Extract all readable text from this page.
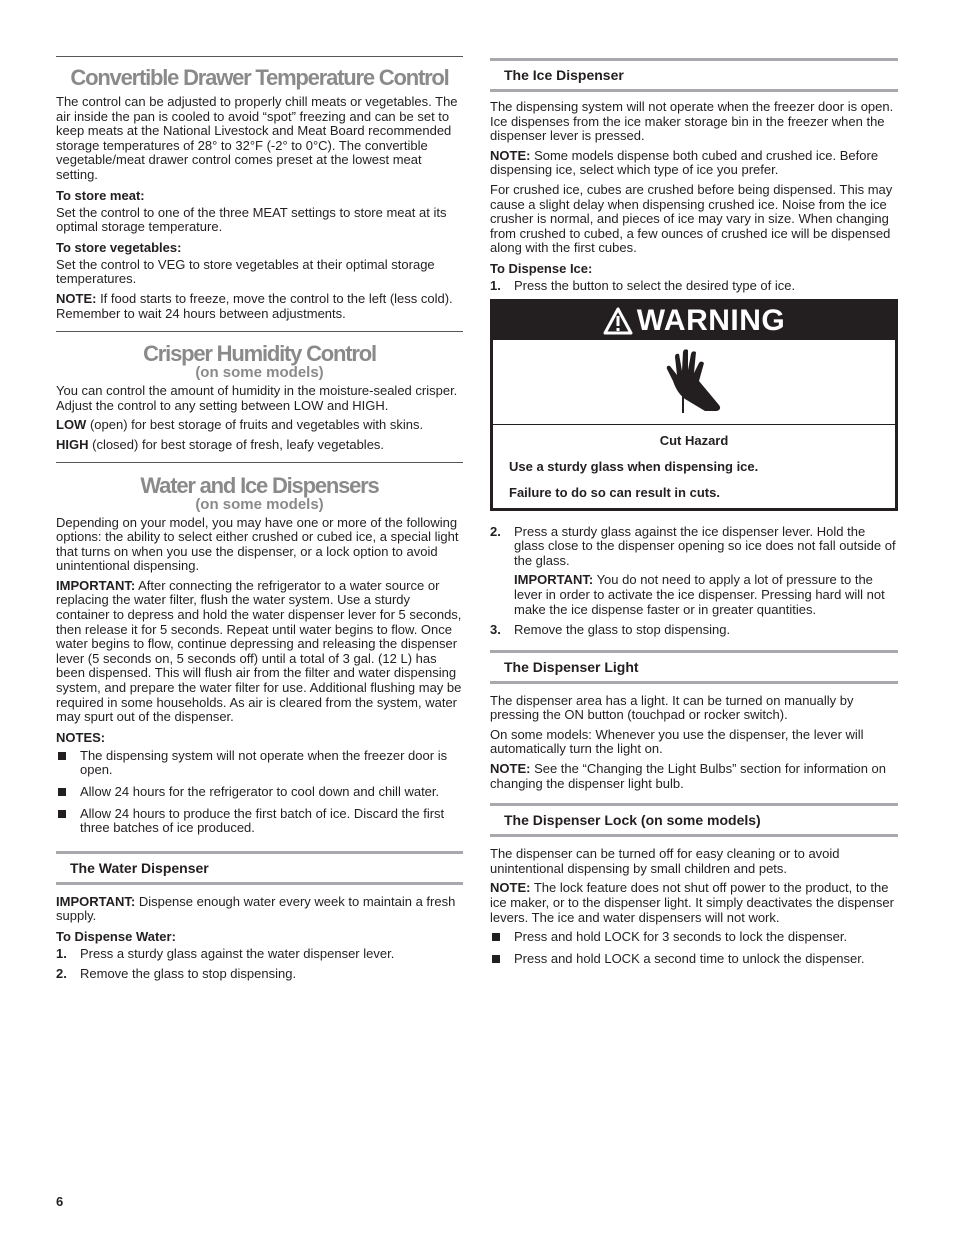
Convertible Drawer Temperature Control

The control can be adjusted to properly chill meats or vegetables. The air inside the pan is cooled to avoid “spot” freezing and can be set to keep meats at the National Livestock and Meat Board recommended storage temperatures of 28° to 32°F (-2° to 0°C). The convertible vegetable/meat drawer control comes preset at the lowest meat setting.

To store meat:

Set the control to one of the three MEAT settings to store meat at its optimal storage temperature.

To store vegetables:

Set the control to VEG to store vegetables at their optimal storage temperatures.

NOTE: If food starts to freeze, move the control to the left (less cold). Remember to wait 24 hours between adjustments.

Crisper Humidity Control
(on some models)

You can control the amount of humidity in the moisture-sealed crisper. Adjust the control to any setting between LOW and HIGH.

LOW (open) for best storage of fruits and vegetables with skins.

HIGH (closed) for best storage of fresh, leafy vegetables.

Water and Ice Dispensers
(on some models)

Depending on your model, you may have one or more of the following options: the ability to select either crushed or cubed ice, a special light that turns on when you use the dispenser, or a lock option to avoid unintentional dispensing.

IMPORTANT: After connecting the refrigerator to a water source or replacing the water filter, flush the water system. Use a sturdy container to depress and hold the water dispenser lever for 5 seconds, then release it for 5 seconds. Repeat until water begins to flow. Once water begins to flow, continue depressing and releasing the dispenser lever (5 seconds on, 5 seconds off) until a total of 3 gal. (12 L) has been dispensed. This will flush air from the filter and water dispensing system, and prepare the water filter for use. Additional flushing may be required in some households. As air is cleared from the system, water may spurt out of the dispenser.

NOTES:
The dispensing system will not operate when the freezer door is open.
Allow 24 hours for the refrigerator to cool down and chill water.
Allow 24 hours to produce the first batch of ice. Discard the first three batches of ice produced.
The Water Dispenser

IMPORTANT: Dispense enough water every week to maintain a fresh supply.

To Dispense Water:
1. Press a sturdy glass against the water dispenser lever.
2. Remove the glass to stop dispensing.
The Ice Dispenser

The dispensing system will not operate when the freezer door is open. Ice dispenses from the ice maker storage bin in the freezer when the dispenser lever is pressed.

NOTE: Some models dispense both cubed and crushed ice. Before dispensing ice, select which type of ice you prefer.

For crushed ice, cubes are crushed before being dispensed. This may cause a slight delay when dispensing crushed ice. Noise from the ice crusher is normal, and pieces of ice may vary in size. When changing from crushed to cubed, a few ounces of crushed ice will be dispensed along with the first cubes.

To Dispense Ice:
1. Press the button to select the desired type of ice.
WARNING
Cut Hazard
Use a sturdy glass when dispensing ice.
Failure to do so can result in cuts.
2. Press a sturdy glass against the ice dispenser lever. Hold the glass close to the dispenser opening so ice does not fall outside of the glass.
IMPORTANT: You do not need to apply a lot of pressure to the lever in order to activate the ice dispenser. Pressing hard will not make the ice dispense faster or in greater quantities.
3. Remove the glass to stop dispensing.
The Dispenser Light

The dispenser area has a light. It can be turned on manually by pressing the ON button (touchpad or rocker switch).

On some models: Whenever you use the dispenser, the lever will automatically turn the light on.

NOTE: See the “Changing the Light Bulbs” section for information on changing the dispenser light bulb.

The Dispenser Lock (on some models)

The dispenser can be turned off for easy cleaning or to avoid unintentional dispensing by small children and pets.

NOTE: The lock feature does not shut off power to the product, to the ice maker, or to the dispenser light. It simply deactivates the dispenser levers. The ice and water dispensers will not work.

Press and hold LOCK for 3 seconds to lock the dispenser.
Press and hold LOCK a second time to unlock the dispenser.
6
